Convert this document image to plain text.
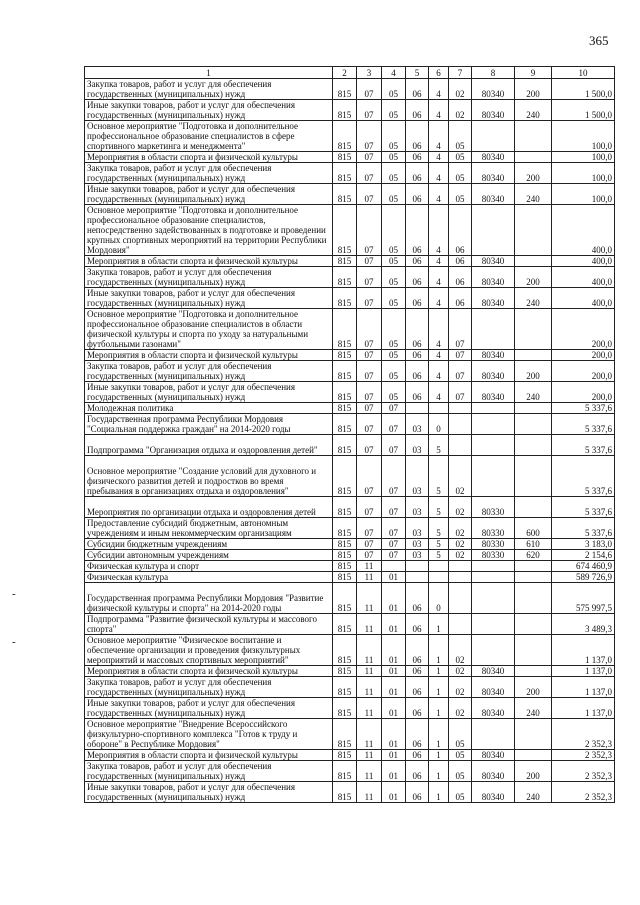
365
-
-
1	2	3	4	5	6	7	8	9	10
Закупка товаров, работ и услуг для обеспечения государственных (муниципальных) нужд	815	07	05	06	4	02	80340	200	1 500,0
Иные закупки товаров, работ и услуг для обеспечения государственных (муниципальных) нужд	815	07	05	06	4	02	80340	240	1 500,0
Основное мероприятие "Подготовка и дополнительное профессиональное образование специалистов в сфере спортивного маркетинга и менеджмента"	815	07	05	06	4	05			100,0
Мероприятия в области спорта и физической культуры	815	07	05	06	4	05	80340		100,0
Закупка товаров, работ и услуг для обеспечения государственных (муниципальных) нужд	815	07	05	06	4	05	80340	200	100,0
Иные закупки товаров, работ и услуг для обеспечения государственных (муниципальных) нужд	815	07	05	06	4	05	80340	240	100,0
Основное мероприятие "Подготовка и дополнительное профессиональное образование специалистов, непосредственно задействованных в подготовке и проведении крупных спортивных мероприятий на территории Республики Мордовия"	815	07	05	06	4	06			400,0
Мероприятия в области спорта и физической культуры	815	07	05	06	4	06	80340		400,0
Закупка товаров, работ и услуг для обеспечения государственных (муниципальных) нужд	815	07	05	06	4	06	80340	200	400,0
Иные закупки товаров, работ и услуг для обеспечения государственных (муниципальных) нужд	815	07	05	06	4	06	80340	240	400,0
Основное мероприятие "Подготовка и дополнительное профессиональное образование специалистов в области физической культуры и спорта по уходу за натуральными футбольными газонами"	815	07	05	06	4	07			200,0
Мероприятия в области спорта и физической культуры	815	07	05	06	4	07	80340		200,0
Закупка товаров, работ и услуг для обеспечения государственных (муниципальных) нужд	815	07	05	06	4	07	80340	200	200,0
Иные закупки товаров, работ и услуг для обеспечения государственных (муниципальных) нужд	815	07	05	06	4	07	80340	240	200,0
Молодежная политика	815	07	07						5 337,6
Государственная программа Республики Мордовия "Социальная поддержка граждан" на 2014-2020 годы	815	07	07	03	0				5 337,6
Подпрограмма "Организация отдыха и оздоровления детей"	815	07	07	03	5				5 337,6
Основное мероприятие "Создание условий для духовного и физического развития детей и подростков во время пребывания в организациях отдыха и оздоровления"	815	07	07	03	5	02			5 337,6
Мероприятия по организации отдыха и оздоровления детей	815	07	07	03	5	02	80330		5 337,6
Предоставление субсидий бюджетным, автономным учреждениям и иным некоммерческим организациям	815	07	07	03	5	02	80330	600	5 337,6
Субсидии бюджетным учреждениям	815	07	07	03	5	02	80330	610	3 183,0
Субсидии автономным учреждениям	815	07	07	03	5	02	80330	620	2 154,6
Физическая культура и спорт	815	11							674 460,9
Физическая культура	815	11	01						589 726,9
Государственная программа Республики Мордовия "Развитие физической культуры и спорта" на 2014-2020 годы	815	11	01	06	0				575 997,5
Подпрограмма "Развитие физической культуры и массового спорта"	815	11	01	06	1				3 489,3
Основное мероприятие "Физическое воспитание и обеспечение организации и проведения физкультурных мероприятий и массовых спортивных мероприятий"	815	11	01	06	1	02			1 137,0
Мероприятия в области спорта и физической культуры	815	11	01	06	1	02	80340		1 137,0
Закупка товаров, работ и услуг для обеспечения государственных (муниципальных) нужд	815	11	01	06	1	02	80340	200	1 137,0
Иные закупки товаров, работ и услуг для обеспечения государственных (муниципальных) нужд	815	11	01	06	1	02	80340	240	1 137,0
Основное мероприятие "Внедрение Всероссийского физкультурно-спортивного комплекса "Готов к труду и обороне" в Республике Мордовия"	815	11	01	06	1	05			2 352,3
Мероприятия в области спорта и физической культуры	815	11	01	06	1	05	80340		2 352,3
Закупка товаров, работ и услуг для обеспечения государственных (муниципальных) нужд	815	11	01	06	1	05	80340	200	2 352,3
Иные закупки товаров, работ и услуг для обеспечения государственных (муниципальных) нужд	815	11	01	06	1	05	80340	240	2 352,3
